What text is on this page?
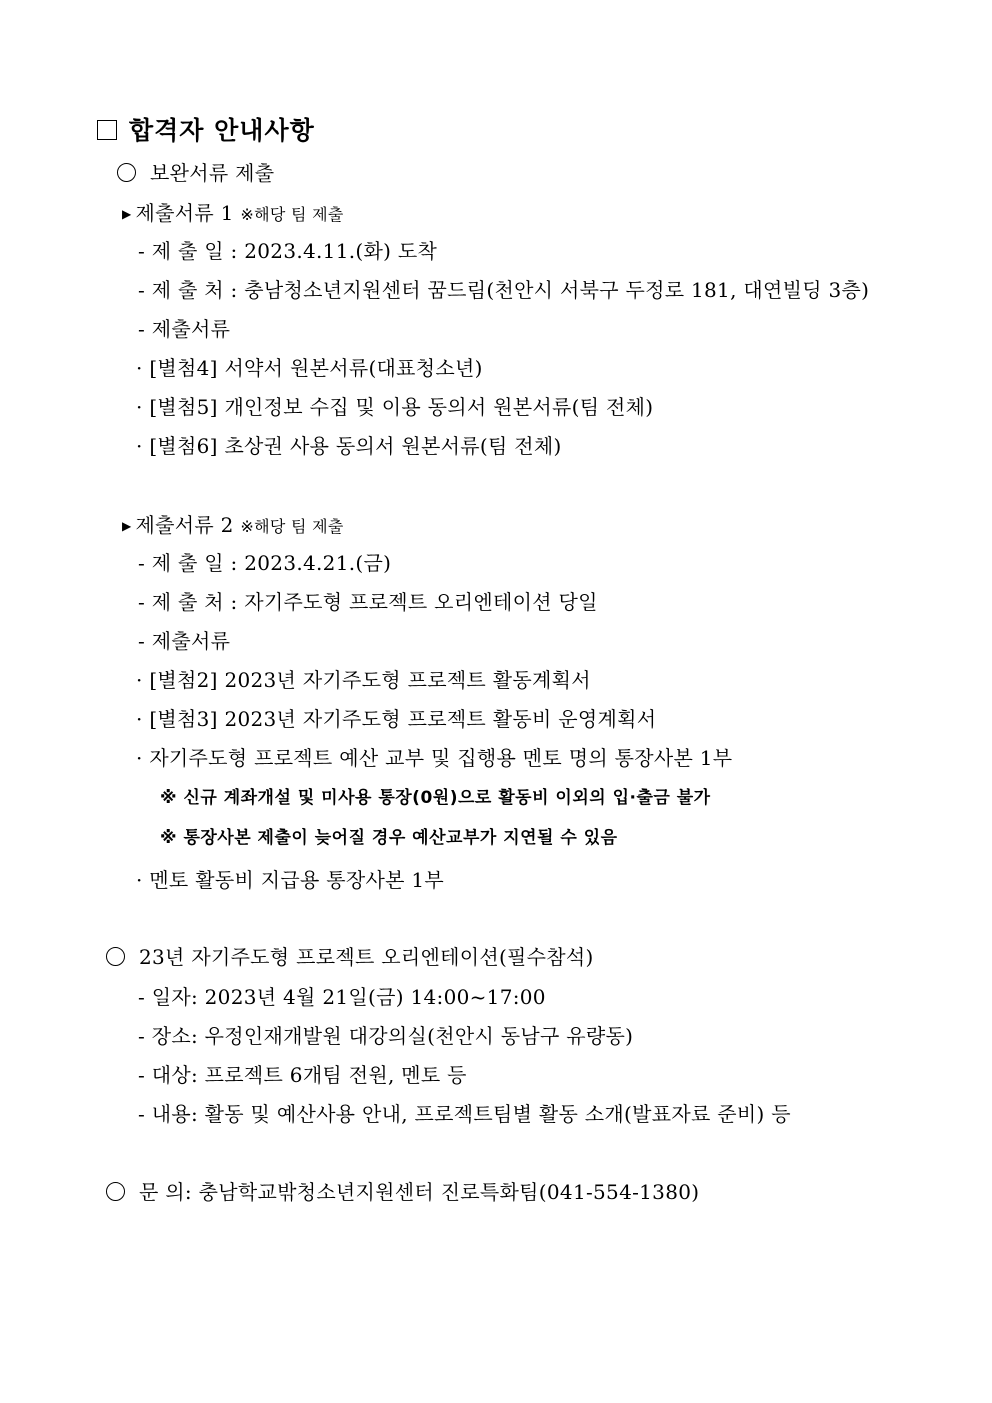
합격자 안내사항
보완서류 제출
▶ 제출서류 1 ※해당 팀 제출
- 제 출 일 : 2023.4.11.(화) 도착
- 제 출 처 : 충남청소년지원센터 꿈드림(천안시 서북구 두정로 181, 대연빌딩 3층)
- 제출서류
· [별첨4] 서약서 원본서류(대표청소년)
· [별첨5] 개인정보 수집 및 이용 동의서 원본서류(팀 전체)
· [별첨6] 초상권 사용 동의서 원본서류(팀 전체)
▶ 제출서류 2 ※해당 팀 제출
- 제 출 일 : 2023.4.21.(금)
- 제 출 처 : 자기주도형 프로젝트 오리엔테이션 당일
- 제출서류
· [별첨2] 2023년 자기주도형 프로젝트 활동계획서
· [별첨3] 2023년 자기주도형 프로젝트 활동비 운영계획서
· 자기주도형 프로젝트 예산 교부 및 집행용 멘토 명의 통장사본 1부
※ 신규 계좌개설 및 미사용 통장(0원)으로 활동비 이외의 입·출금 불가
※ 통장사본 제출이 늦어질 경우 예산교부가 지연될 수 있음
· 멘토 활동비 지급용 통장사본 1부
23년 자기주도형 프로젝트 오리엔테이션(필수참석)
- 일자: 2023년 4월 21일(금) 14:00~17:00
- 장소: 우정인재개발원 대강의실(천안시 동남구 유량동)
- 대상: 프로젝트 6개팀 전원, 멘토 등
- 내용: 활동 및 예산사용 안내, 프로젝트팀별 활동 소개(발표자료 준비) 등
문 의: 충남학교밖청소년지원센터 진로특화팀(041-554-1380)
